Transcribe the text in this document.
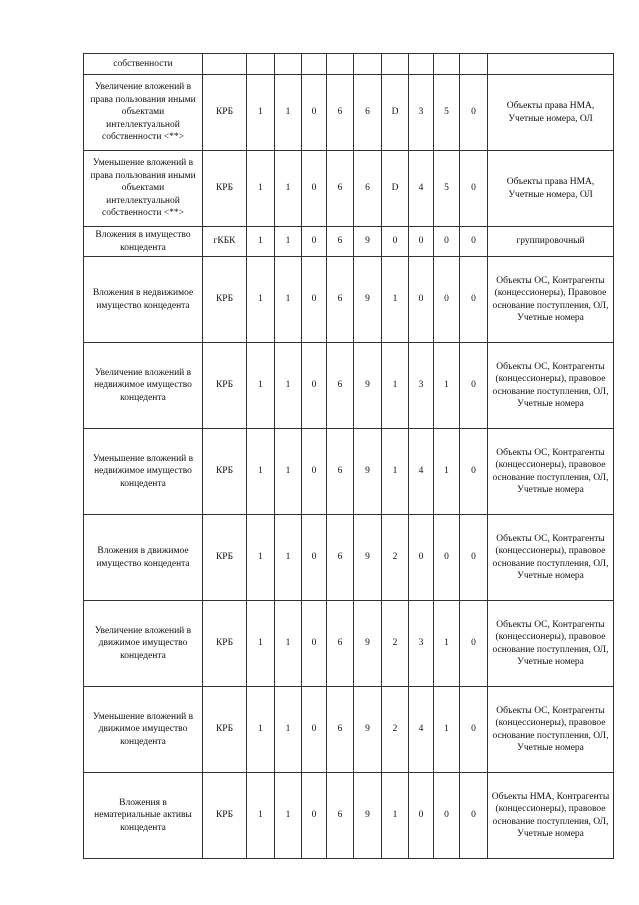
собственности											
Увеличение вложений в права пользования иными объектами интеллектуальной собственности <**>	КРБ	1	1	0	6	6	D	3	5	0	Объекты права НМА, Учетные номера, ОЛ
Уменьшение вложений в права пользования иными объектами интеллектуальной собственности <**>	КРБ	1	1	0	6	6	D	4	5	0	Объекты права НМА, Учетные номера, ОЛ
Вложения в имущество концедента	гКБК	1	1	0	6	9	0	0	0	0	группировочный
Вложения в недвижимое имущество концедента	КРБ	1	1	0	6	9	1	0	0	0	Объекты ОС, Контрагенты (концессионеры), Правовое основание поступления, ОЛ, Учетные номера
Увеличение вложений в недвижимое имущество концедента	КРБ	1	1	0	6	9	1	3	1	0	Объекты ОС, Контрагенты (концессионеры), правовое основание поступления, ОЛ, Учетные номера
Уменьшение вложений в недвижимое имущество концедента	КРБ	1	1	0	6	9	1	4	1	0	Объекты ОС, Контрагенты (концессионеры), правовое основание поступления, ОЛ, Учетные номера
Вложения в движимое имущество концедента	КРБ	1	1	0	6	9	2	0	0	0	Объекты ОС, Контрагенты (концессионеры), правовое основание поступления, ОЛ, Учетные номера
Увеличение вложений в движимое имущество концедента	КРБ	1	1	0	6	9	2	3	1	0	Объекты ОС, Контрагенты (концессионеры), правовое основание поступления, ОЛ, Учетные номера
Уменьшение вложений в движимое имущество концедента	КРБ	1	1	0	6	9	2	4	1	0	Объекты ОС, Контрагенты (концессионеры), правовое основание поступления, ОЛ, Учетные номера
Вложения в нематериальные активы концедента	КРБ	1	1	0	6	9	1	0	0	0	Объекты НМА, Контрагенты (концессионеры), правовое основание поступления, ОЛ, Учетные номера
